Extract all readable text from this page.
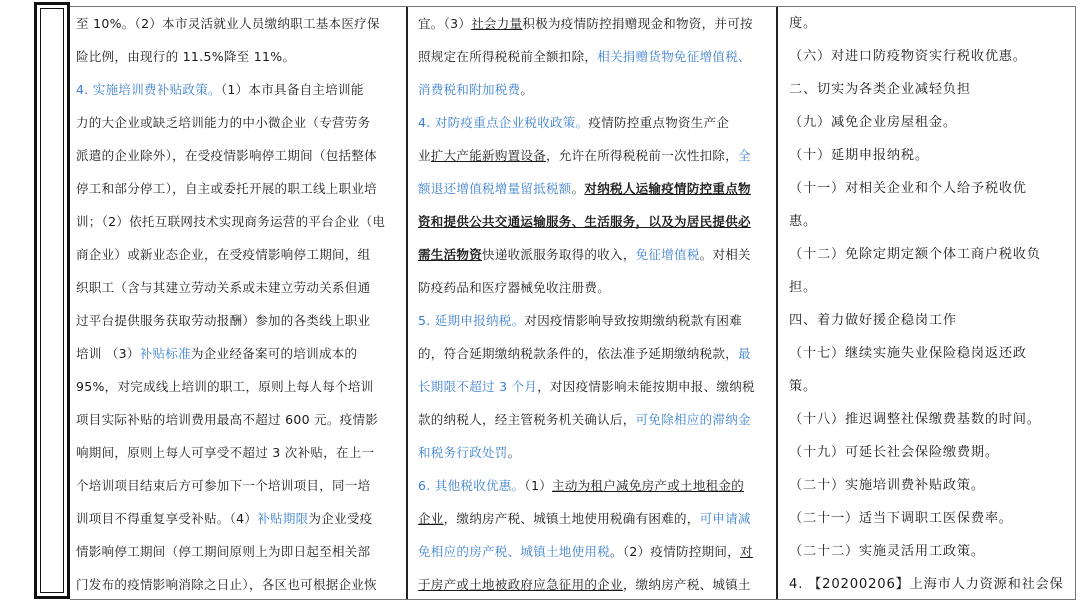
至 10%。（2）本市灵活就业人员缴纳职工基本医疗保
险比例，由现行的 11.5%降至 11%。
4. 实施培训费补贴政策。（1）本市具备自主培训能
力的大企业或缺乏培训能力的中小微企业（专营劳务
派遣的企业除外），在受疫情影响停工期间（包括整体
停工和部分停工），自主或委托开展的职工线上职业培
训；（2）依托互联网技术实现商务运营的平台企业（电
商企业）或新业态企业，在受疫情影响停工期间，组
织职工（含与其建立劳动关系或未建立劳动关系但通
过平台提供服务获取劳动报酬）参加的各类线上职业
培训 （3）补贴标准为企业经备案可的培训成本的
95%，对完成线上培训的职工，原则上每人每个培训
项目实际补贴的培训费用最高不超过 600 元。疫情影
响期间，原则上每人可享受不超过 3 次补贴，在上一
个培训项目结束后方可参加下一个培训项目，同一培
训项目不得重复享受补贴。（4）补贴期限为企业受疫
情影响停工期间（停工期间原则上为即日起至相关部
门发布的疫情影响消除之日止），各区也可根据企业恢
宜。（3）社会力量积极为疫情防控捐赠现金和物资，并可按
照规定在所得税税前全额扣除，相关捐赠货物免征增值税、
消费税和附加税费。
4. 对防疫重点企业税收政策。疫情防控重点物资生产企
业扩大产能新购置设备，允许在所得税税前一次性扣除，全
额退还增值税增量留抵税额。对纳税人运输疫情防控重点物
资和提供公共交通运输服务、生活服务，以及为居民提供必
需生活物资快递收派服务取得的收入，免征增值税。对相关
防疫药品和医疗器械免收注册费。
5. 延期申报纳税。对因疫情影响导致按期缴纳税款有困难
的，符合延期缴纳税款条件的，依法准予延期缴纳税款，最
长期限不超过 3 个月，对因疫情影响未能按期申报、缴纳税
款的纳税人，经主管税务机关确认后，可免除相应的滞纳金
和税务行政处罚。
6. 其他税收优惠。（1）主动为租户减免房产或土地租金的
企业，缴纳房产税、城镇土地使用税确有困难的，可申请减
免相应的房产税、城镇土地使用税。（2）疫情防控期间，对
于房产或土地被政府应急征用的企业，缴纳房产税、城镇土
度。
（六）对进口防疫物资实行税收优惠。
二、切实为各类企业减轻负担
（九）减免企业房屋租金。
（十）延期申报纳税。
（十一）对相关企业和个人给予税收优
惠。
（十二）免除定期定额个体工商户税收负
担。
四、着力做好援企稳岗工作
（十七）继续实施失业保险稳岗返还政
策。
（十八）推迟调整社保缴费基数的时间。
（十九）可延长社会保险缴费期。
（二十）实施培训费补贴政策。
（二十一）适当下调职工医保费率。
（二十二）实施灵活用工政策。
4. 【20200206】上海市人力资源和社会保
